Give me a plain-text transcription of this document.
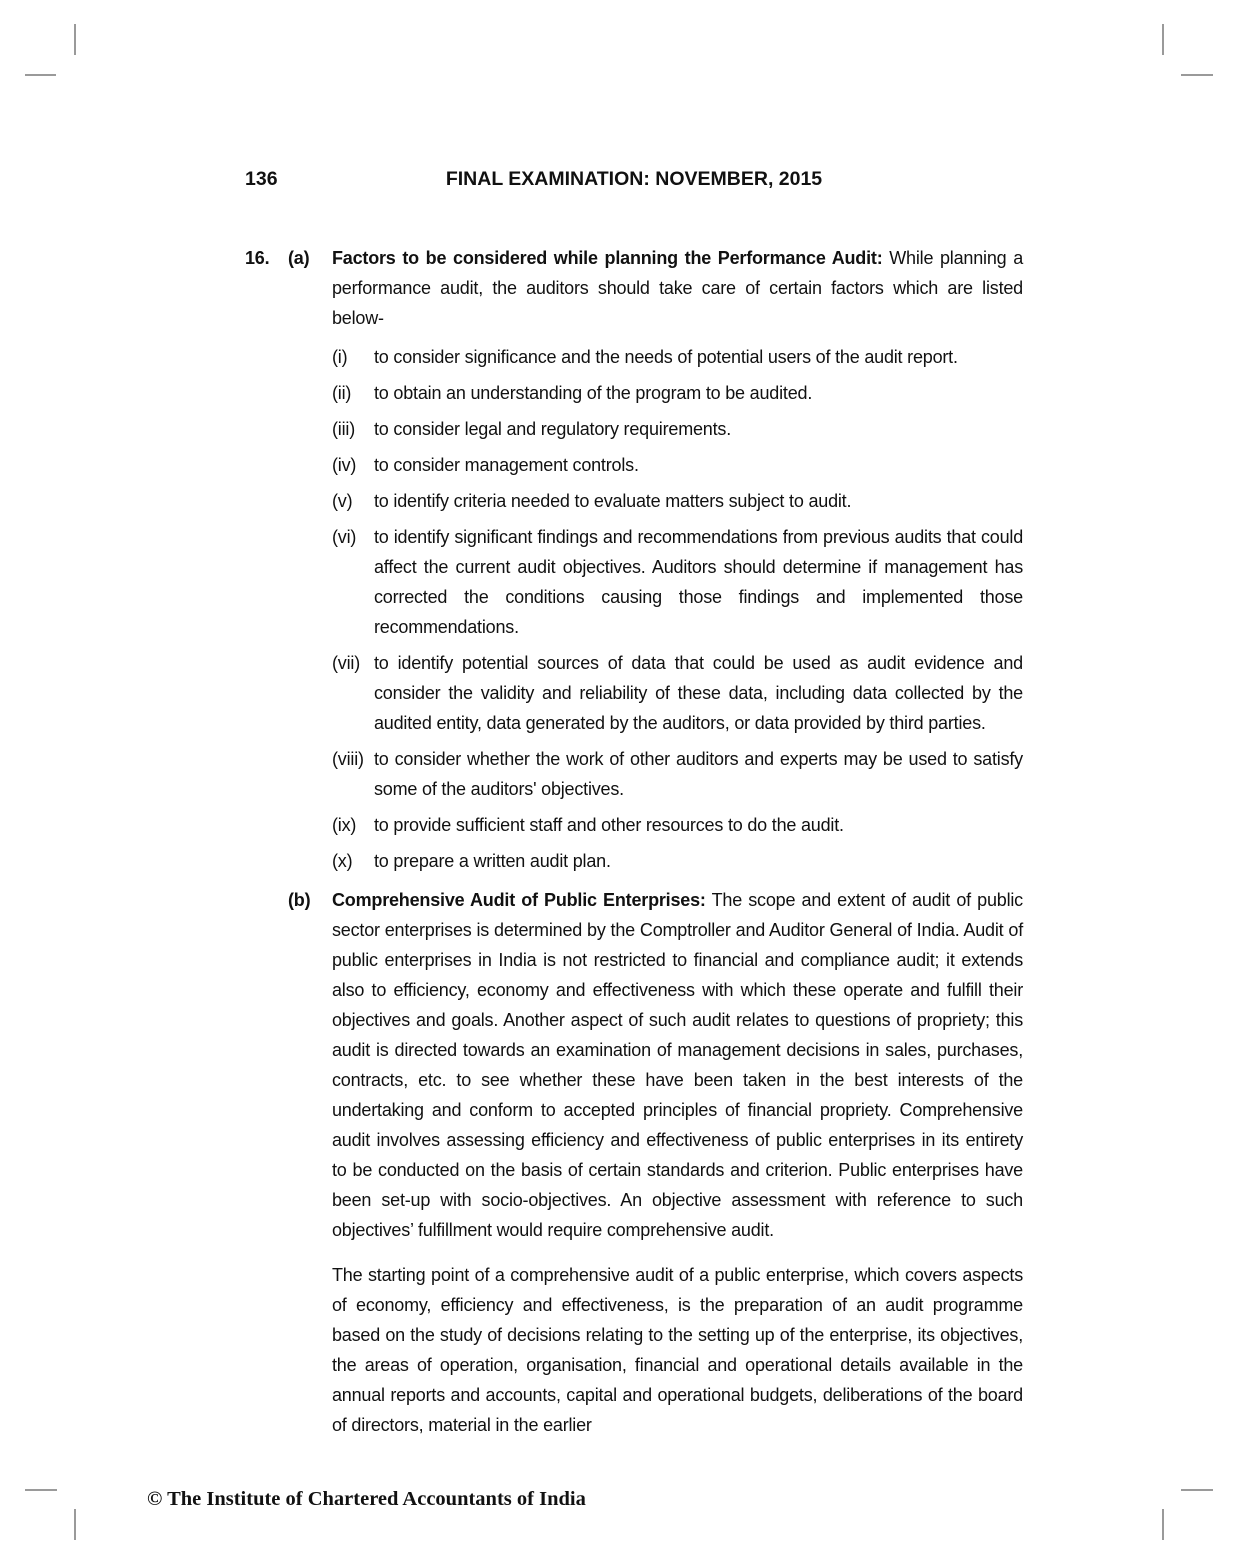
136	FINAL EXAMINATION: NOVEMBER, 2015
16. (a) Factors to be considered while planning the Performance Audit: While planning a performance audit, the auditors should take care of certain factors which are listed below-

(i) to consider significance and the needs of potential users of the audit report.
(ii) to obtain an understanding of the program to be audited.
(iii) to consider legal and regulatory requirements.
(iv) to consider management controls.
(v) to identify criteria needed to evaluate matters subject to audit.
(vi) to identify significant findings and recommendations from previous audits that could affect the current audit objectives. Auditors should determine if management has corrected the conditions causing those findings and implemented those recommendations.
(vii) to identify potential sources of data that could be used as audit evidence and consider the validity and reliability of these data, including data collected by the audited entity, data generated by the auditors, or data provided by third parties.
(viii) to consider whether the work of other auditors and experts may be used to satisfy some of the auditors' objectives.
(ix) to provide sufficient staff and other resources to do the audit.
(x) to prepare a written audit plan.
(b) Comprehensive Audit of Public Enterprises: The scope and extent of audit of public sector enterprises is determined by the Comptroller and Auditor General of India. Audit of public enterprises in India is not restricted to financial and compliance audit; it extends also to efficiency, economy and effectiveness with which these operate and fulfill their objectives and goals. Another aspect of such audit relates to questions of propriety; this audit is directed towards an examination of management decisions in sales, purchases, contracts, etc. to see whether these have been taken in the best interests of the undertaking and conform to accepted principles of financial propriety. Comprehensive audit involves assessing efficiency and effectiveness of public enterprises in its entirety to be conducted on the basis of certain standards and criterion. Public enterprises have been set-up with socio-objectives. An objective assessment with reference to such objectives’ fulfillment would require comprehensive audit.

The starting point of a comprehensive audit of a public enterprise, which covers aspects of economy, efficiency and effectiveness, is the preparation of an audit programme based on the study of decisions relating to the setting up of the enterprise, its objectives, the areas of operation, organisation, financial and operational details available in the annual reports and accounts, capital and operational budgets, deliberations of the board of directors, material in the earlier

© The Institute of Chartered Accountants of India
